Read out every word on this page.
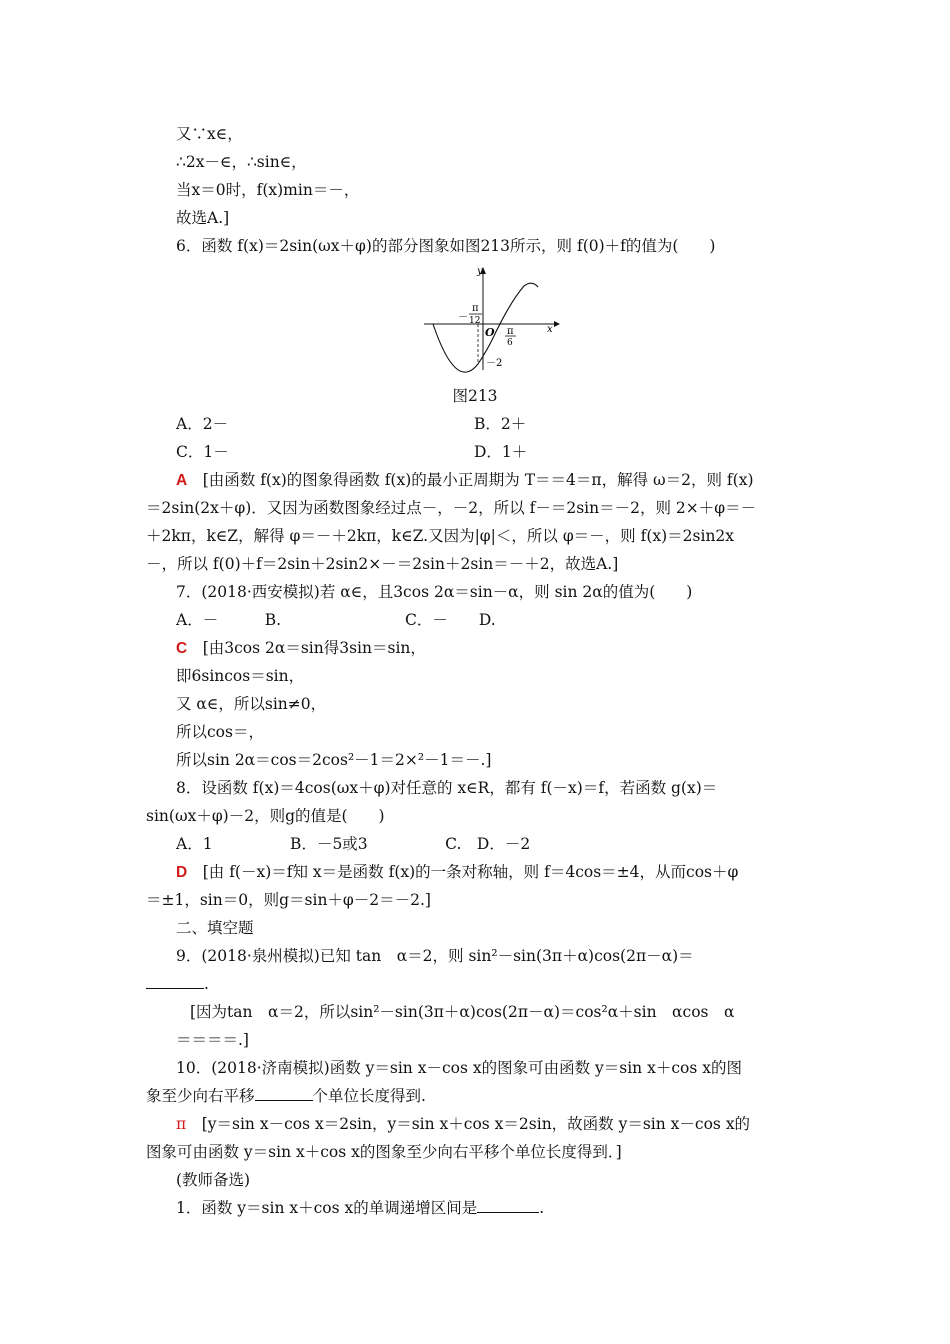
又∵x∈，
∴2x－∈，∴sin∈，
当x＝0时，f(x)min＝－，
故选A.]
6．函数 f(x)＝2sin(ωx＋φ)的部分图象如图213所示，则 f(0)＋f的值为(　　)
y
x
O
－
π
12
π
6
－2
图213
A．2－	B．2＋
C．1－	D．1＋
A　 [由函数 f(x)的图象得函数 f(x)的最小正周期为 T＝＝4＝π，解得 ω＝2，则 f(x)
＝2sin(2x＋φ)．又因为函数图象经过点－，－2，所以 f－＝2sin＝－2，则 2×＋φ＝－
＋2kπ，k∈Z，解得 φ＝－＋2kπ，k∈Z.又因为|φ|＜，所以 φ＝－，则 f(x)＝2sin2x
－，所以 f(0)＋f＝2sin＋2sin2×－＝2sin＋2sin＝－＋2，故选A.]
7．(2018·西安模拟)若 α∈，且3cos 2α＝sin－α，则 sin 2α的值为(　　)
A．－　　　B.　　　　　　　　C．－　　D.
C　 [由3cos 2α＝sin得3sin＝sin，
即6sincos＝sin，
又 α∈，所以sin≠0，
所以cos＝，
所以sin 2α＝cos＝2cos²－1＝2×²－1＝－.]
8．设函数 f(x)＝4cos(ωx＋φ)对任意的 x∈R，都有 f(－x)＝f，若函数 g(x)＝
sin(ωx＋φ)－2，则g的值是(　　)
A．1　　　　　B．－5或3　　　　　C.　D．－2
D　 [由 f(－x)＝f知 x＝是函数 f(x)的一条对称轴，则 f＝4cos＝±4，从而cos＋φ
＝±1，sin＝0，则g＝sin＋φ－2＝－2.]
二、填空题
9．(2018·泉州模拟)已知 tan　α＝2，则 sin²－sin(3π＋α)cos(2π－α)＝
.
[因为tan　α＝2，所以sin²－sin(3π＋α)cos(2π－α)＝cos²α＋sin　αcos　α
＝＝＝＝.]
10．(2018·济南模拟)函数 y＝sin x－cos x的图象可由函数 y＝sin x＋cos x的图
象至少向右平移	个单位长度得到.
π　 [y＝sin x－cos x＝2sin，y＝sin x＋cos x＝2sin，故函数 y＝sin x－cos x的
图象可由函数 y＝sin x＋cos x的图象至少向右平移个单位长度得到．]
(教师备选)
1．函数 y＝sin x＋cos x的单调递增区间是	.
